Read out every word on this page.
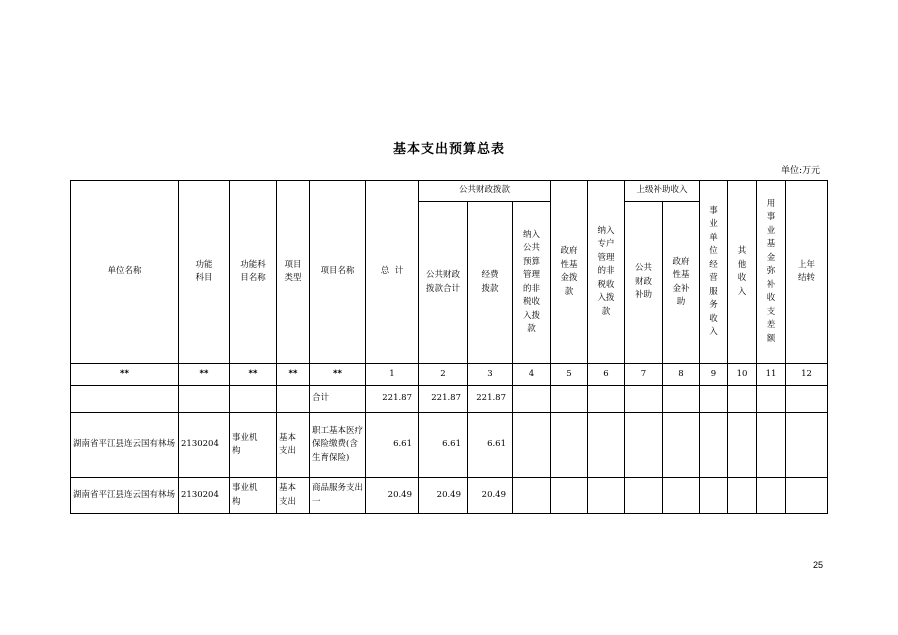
基本支出预算总表
单位:万元
单位名称	功能科目	功能科目名称	项目类型	项目名称	总  计	公共财政拨款			政府性基金拨款	纳入专户管理的非税收入拨款	上级补助收入		事业单位经营服务收入	其他收入	用事业基金弥补收支差额	上年结转
						公共财政拨款合计	经费拨款	纳入公共预算管理的非税收入拨款			公共财政补助	政府性基金补助				
**	**	**	**	**	1	2	3	4	5	6	7	8	9	10	11	12
				合计	221.87	221.87	221.87									
湖南省平江县连云国有林场	2130204	事业机构	基本支出	职工基本医疗保险缴费(含生育保险)	6.61	6.61	6.61									
湖南省平江县连云国有林场	2130204	事业机构	基本支出	商品服务支出一	20.49	20.49	20.49									
25
